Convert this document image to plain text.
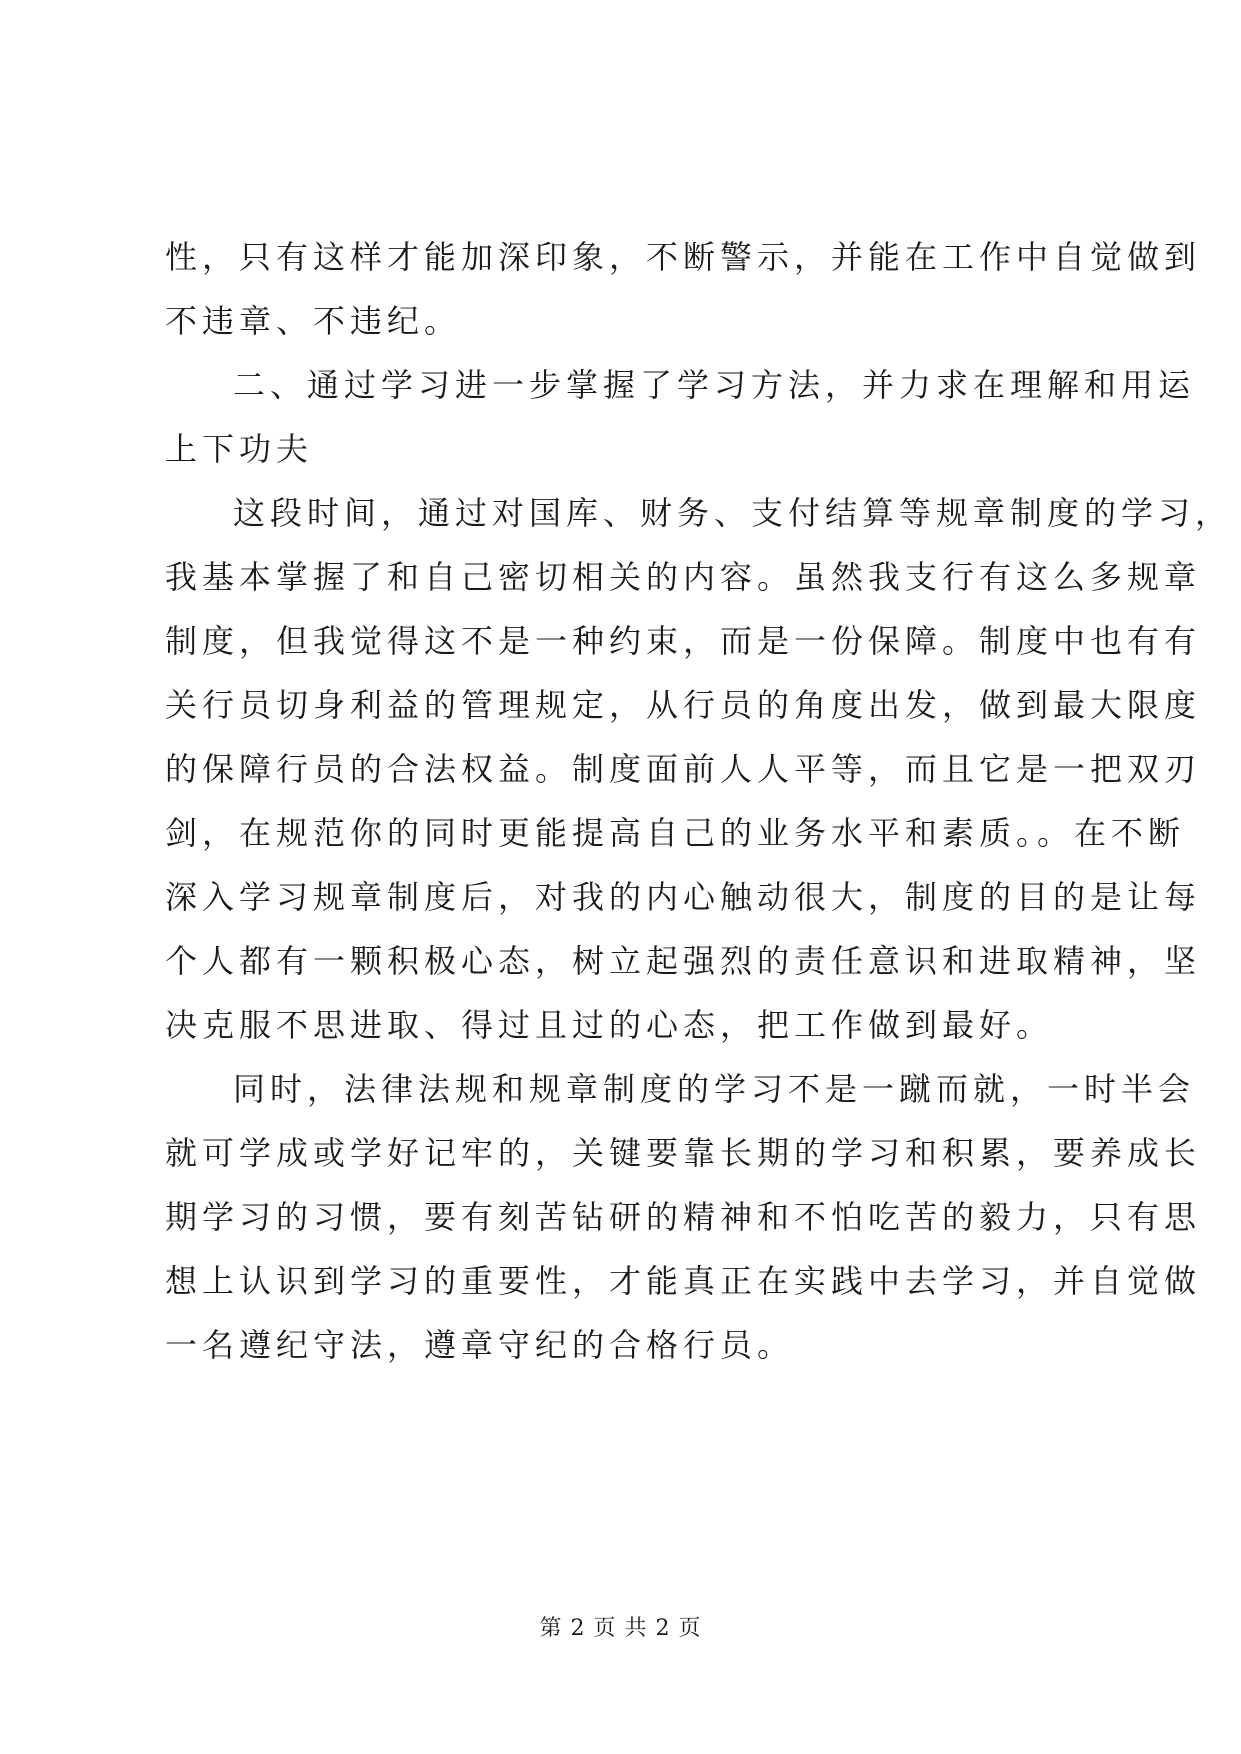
性，只有这样才能加深印象，不断警示，并能在工作中自觉做到
不违章、不违纪。
二、通过学习进一步掌握了学习方法，并力求在理解和用运
上下功夫
这段时间，通过对国库、财务、支付结算等规章制度的学习，
我基本掌握了和自己密切相关的内容。虽然我支行有这么多规章
制度，但我觉得这不是一种约束，而是一份保障。制度中也有有
关行员切身利益的管理规定，从行员的角度出发，做到最大限度
的保障行员的合法权益。制度面前人人平等，而且它是一把双刃
剑，在规范你的同时更能提高自己的业务水平和素质。。在不断
深入学习规章制度后，对我的内心触动很大，制度的目的是让每
个人都有一颗积极心态，树立起强烈的责任意识和进取精神，坚
决克服不思进取、得过且过的心态，把工作做到最好。
同时，法律法规和规章制度的学习不是一蹴而就，一时半会
就可学成或学好记牢的，关键要靠长期的学习和积累，要养成长
期学习的习惯，要有刻苦钻研的精神和不怕吃苦的毅力，只有思
想上认识到学习的重要性，才能真正在实践中去学习，并自觉做
一名遵纪守法，遵章守纪的合格行员。
第 2 页 共 2 页
